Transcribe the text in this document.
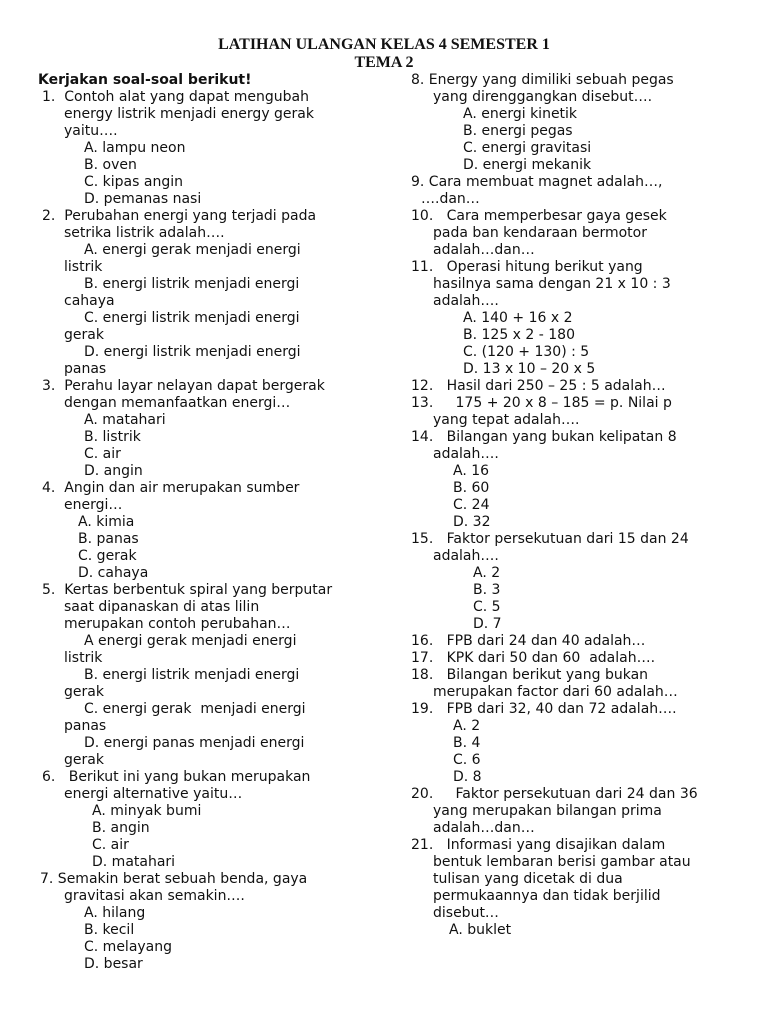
LATIHAN ULANGAN KELAS 4 SEMESTER 1
TEMA 2
Kerjakan soal-soal berikut!
1.  Contoh alat yang dapat mengubah
energy listrik menjadi energy gerak
yaitu….
A. lampu neon
B. oven
C. kipas angin
D. pemanas nasi
2.  Perubahan energi yang terjadi pada
setrika listrik adalah….
A. energi gerak menjadi energi
listrik
B. energi listrik menjadi energi
cahaya
C. energi listrik menjadi energi
gerak
D. energi listrik menjadi energi
panas
3.  Perahu layar nelayan dapat bergerak
dengan memanfaatkan energi…
A. matahari
B. listrik
C. air
D. angin
4.  Angin dan air merupakan sumber
energi…
A. kimia
B. panas
C. gerak
D. cahaya
5.  Kertas berbentuk spiral yang berputar
saat dipanaskan di atas lilin
merupakan contoh perubahan…
A energi gerak menjadi energi
listrik
B. energi listrik menjadi energi
gerak
C. energi gerak  menjadi energi
panas
D. energi panas menjadi energi
gerak
6.   Berikut ini yang bukan merupakan
energi alternative yaitu…
A. minyak bumi
B. angin
C. air
D. matahari
7. Semakin berat sebuah benda, gaya
gravitasi akan semakin….
A. hilang
B. kecil
C. melayang
D. besar
8. Energy yang dimiliki sebuah pegas
yang direnggangkan disebut….
A. energi kinetik
B. energi pegas
C. energi gravitasi
D. energi mekanik
9. Cara membuat magnet adalah…,
….dan…
10.   Cara memperbesar gaya gesek
pada ban kendaraan bermotor
adalah…dan…
11.   Operasi hitung berikut yang
hasilnya sama dengan 21 x 10 : 3
adalah….
A. 140 + 16 x 2
B. 125 x 2 - 180
C. (120 + 130) : 5
D. 13 x 10 – 20 x 5
12.   Hasil dari 250 – 25 : 5 adalah…
13.     175 + 20 x 8 – 185 = p. Nilai p
yang tepat adalah….
14.   Bilangan yang bukan kelipatan 8
adalah….
A. 16
B. 60
C. 24
D. 32
15.   Faktor persekutuan dari 15 dan 24
adalah….
A. 2
B. 3
C. 5
D. 7
16.   FPB dari 24 dan 40 adalah…
17.   KPK dari 50 dan 60  adalah….
18.   Bilangan berikut yang bukan
merupakan factor dari 60 adalah…
19.   FPB dari 32, 40 dan 72 adalah….
A. 2
B. 4
C. 6
D. 8
20.     Faktor persekutuan dari 24 dan 36
yang merupakan bilangan prima
adalah…dan…
21.   Informasi yang disajikan dalam
bentuk lembaran berisi gambar atau
tulisan yang dicetak di dua
permukaannya dan tidak berjilid
disebut…
A. buklet
